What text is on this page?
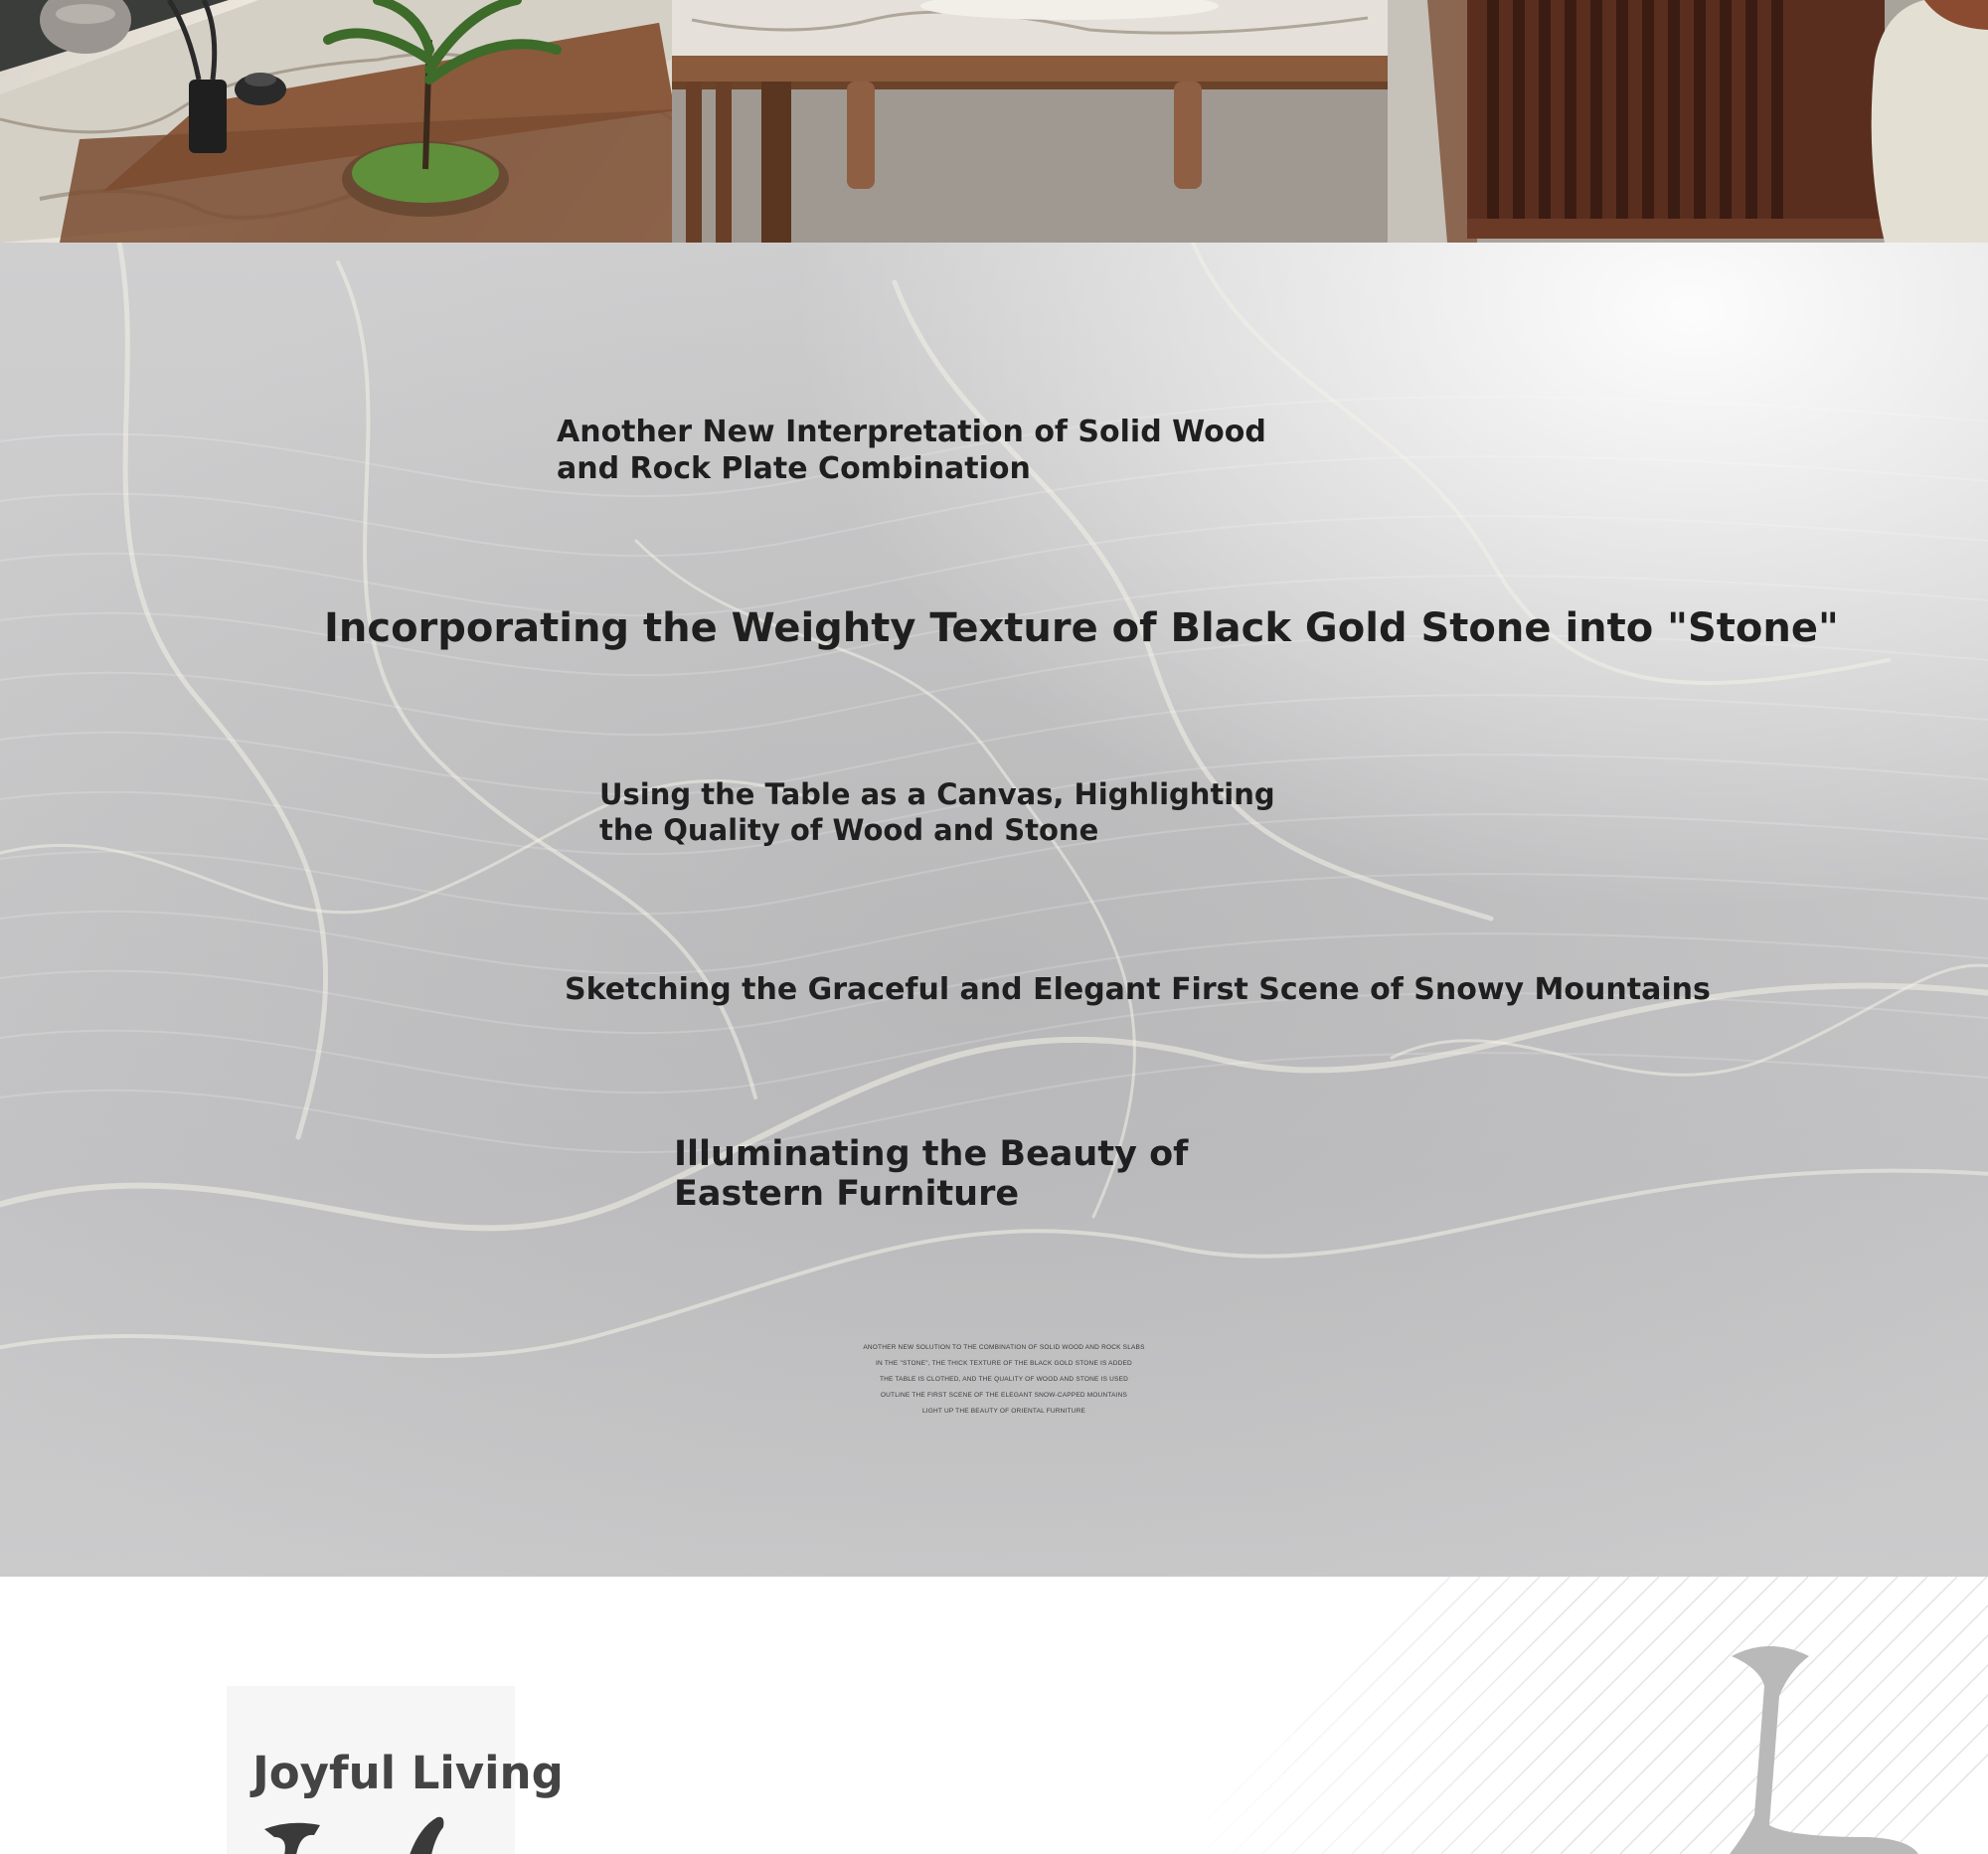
Another New Interpretation of Solid Wood and Rock Plate Combination
Incorporating the Weighty Texture of Black Gold Stone into "Stone"
Using the Table as a Canvas, Highlighting the Quality of Wood and Stone
Sketching the Graceful and Elegant First Scene of Snowy Mountains
Illuminating the Beauty of Eastern Furniture
ANOTHER NEW SOLUTION TO THE COMBINATION OF SOLID WOOD AND ROCK SLABS
IN THE "STONE", THE THICK TEXTURE OF THE BLACK GOLD STONE IS ADDED
THE TABLE IS CLOTHED, AND THE QUALITY OF WOOD AND STONE IS USED
OUTLINE THE FIRST SCENE OF THE ELEGANT SNOW-CAPPED MOUNTAINS
LIGHT UP THE BEAUTY OF ORIENTAL FURNITURE
Joyful Living
